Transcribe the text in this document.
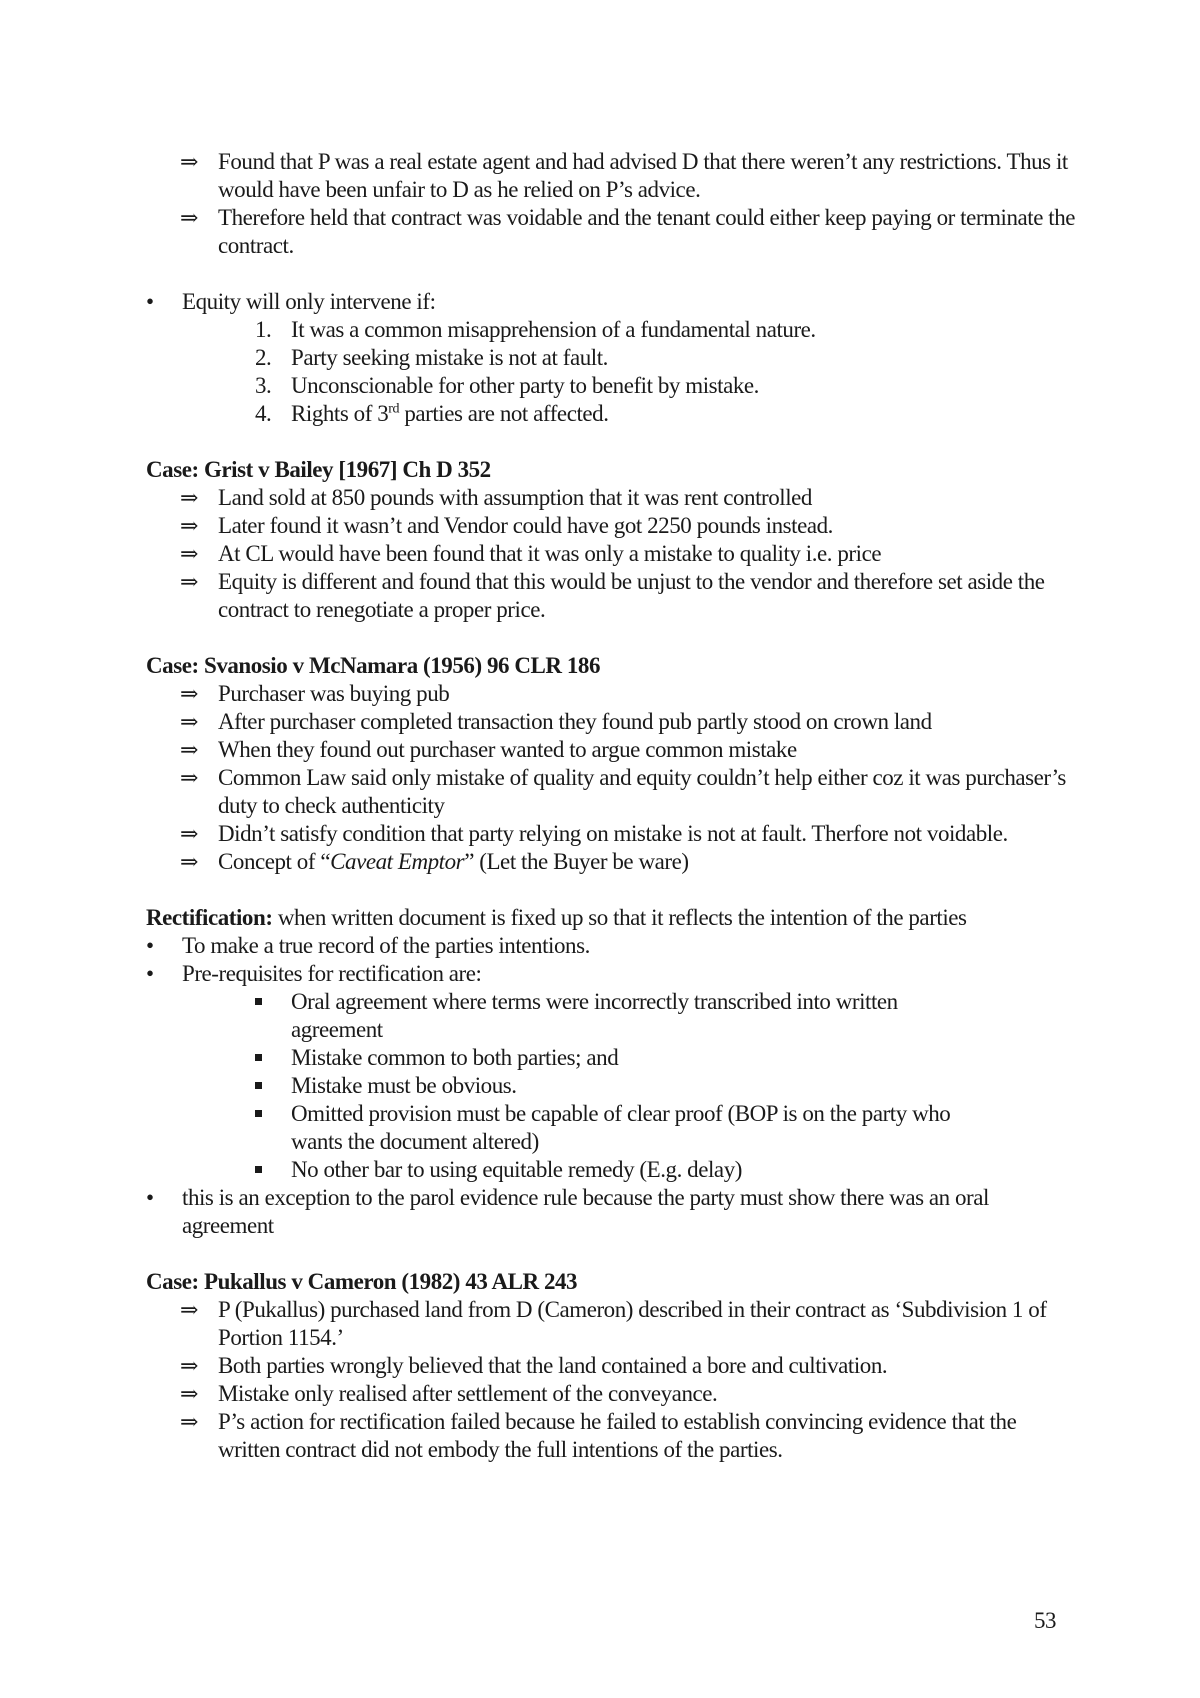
⇒ Found that P was a real estate agent and had advised D that there weren’t any restrictions. Thus it would have been unfair to D as he relied on P’s advice.
⇒ Therefore held that contract was voidable and the tenant could either keep paying or terminate the contract.
• Equity will only intervene if:
1. It was a common misapprehension of a fundamental nature.
2. Party seeking mistake is not at fault.
3. Unconscionable for other party to benefit by mistake.
4. Rights of 3rd parties are not affected.
Case: Grist v Bailey [1967] Ch D 352
⇒ Land sold at 850 pounds with assumption that it was rent controlled
⇒ Later found it wasn’t and Vendor could have got 2250 pounds instead.
⇒ At CL would have been found that it was only a mistake to quality i.e. price
⇒ Equity is different and found that this would be unjust to the vendor and therefore set aside the contract to renegotiate a proper price.
Case: Svanosio v McNamara (1956) 96 CLR 186
⇒ Purchaser was buying pub
⇒ After purchaser completed transaction they found pub partly stood on crown land
⇒ When they found out purchaser wanted to argue common mistake
⇒ Common Law said only mistake of quality and equity couldn’t help either coz it was purchaser’s duty to check authenticity
⇒ Didn’t satisfy condition that party relying on mistake is not at fault. Therfore not voidable.
⇒ Concept of “Caveat Emptor” (Let the Buyer be ware)
Rectification: when written document is fixed up so that it reflects the intention of the parties
• To make a true record of the parties intentions.
• Pre-requisites for rectification are:
Oral agreement where terms were incorrectly transcribed into written agreement
Mistake common to both parties; and
Mistake must be obvious.
Omitted provision must be capable of clear proof (BOP is on the party who wants the document altered)
No other bar to using equitable remedy (E.g. delay)
• this is an exception to the parol evidence rule because the party must show there was an oral agreement
Case: Pukallus v Cameron (1982) 43 ALR 243
⇒ P (Pukallus) purchased land from D (Cameron) described in their contract as ‘Subdivision 1 of Portion 1154.’
⇒ Both parties wrongly believed that the land contained a bore and cultivation.
⇒ Mistake only realised after settlement of the conveyance.
⇒ P’s action for rectification failed because he failed to establish convincing evidence that the written contract did not embody the full intentions of the parties.
53
